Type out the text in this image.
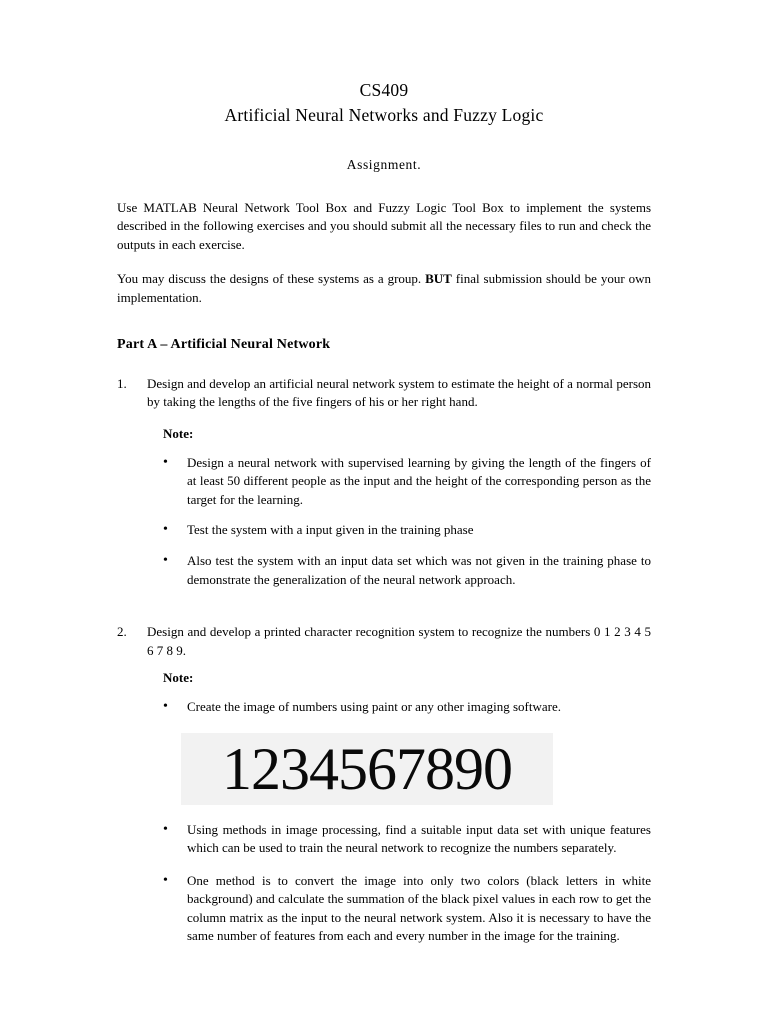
CS409
Artificial Neural Networks and Fuzzy Logic
Assignment.
Use MATLAB Neural Network Tool Box and Fuzzy Logic Tool Box to implement the systems described in the following exercises and you should submit all the necessary files to run and check the outputs in each exercise.
You may discuss the designs of these systems as a group. BUT final submission should be your own implementation.
Part A – Artificial Neural Network
1.	Design and develop an artificial neural network system to estimate the height of a normal person by taking the lengths of the five fingers of his or her right hand.
Note:
•	Design a neural network with supervised learning by giving the length of the fingers of at least 50 different people as the input and the height of the corresponding person as the target for the learning.
•	Test the system with a input given in the training phase
•	Also test the system with an input data set which was not given in the training phase to demonstrate the generalization of the neural network approach.
2.	Design and develop a printed character recognition system to recognize the numbers 0 1 2 3 4 5 6 7 8 9.
Note:
•	Create the image of numbers using paint or any other imaging software.
1234567890
•	Using methods in image processing, find a suitable input data set with unique features which can be used to train the neural network to recognize the numbers separately.
•	One method is to convert the image into only two colors (black letters in white background) and calculate the summation of the black pixel values in each row to get the column matrix as the input to the neural network system. Also it is necessary to have the same number of features from each and every number in the image for the training.
